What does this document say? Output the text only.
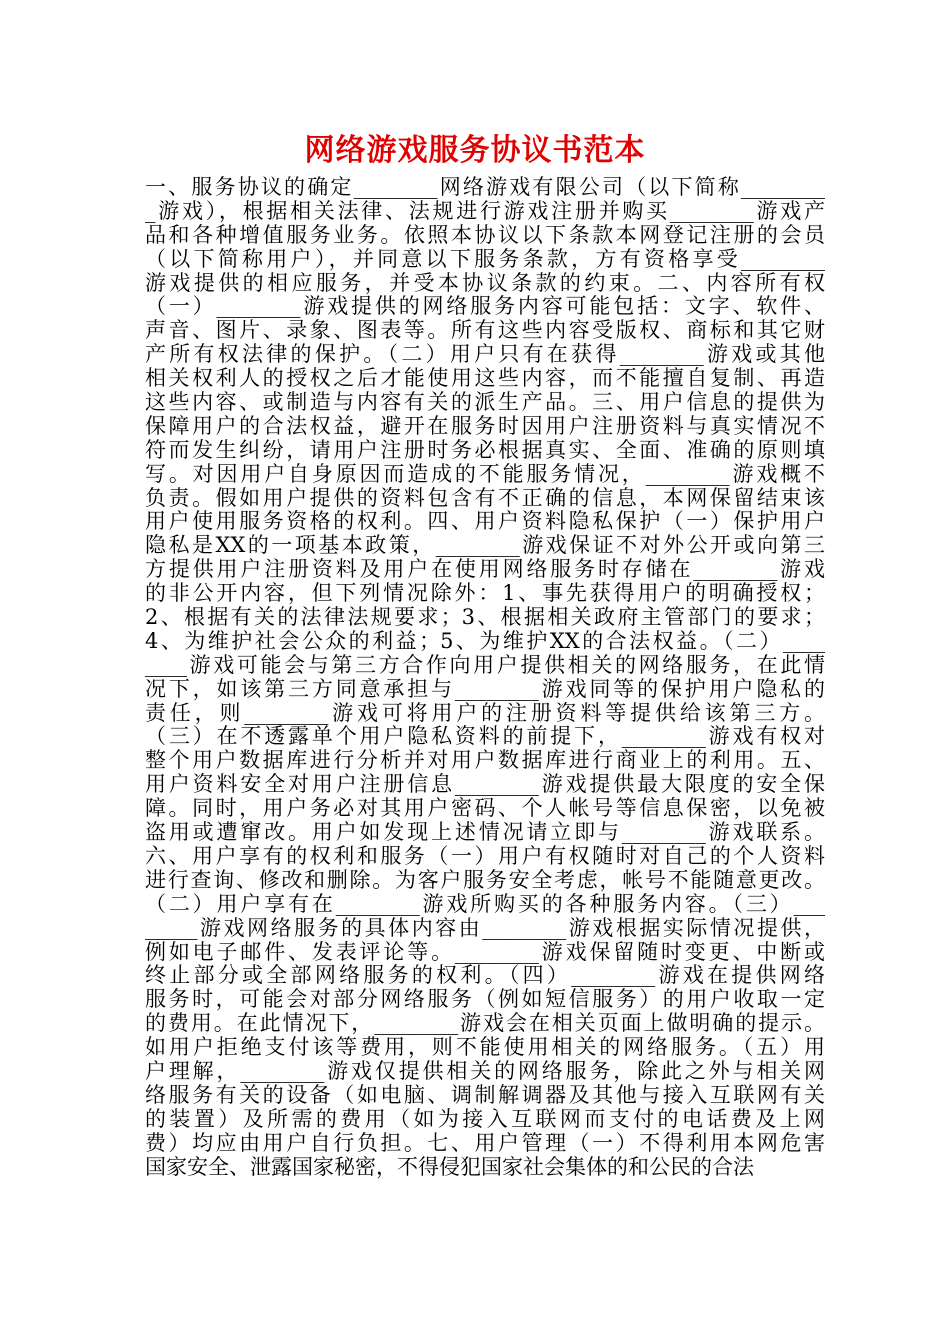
网络游戏服务协议书范本
一、服务协议的确定________网络游戏有限公司（以下简称________
_游戏），根据相关法律、法规进行游戏注册并购买________游戏产
品和各种增值服务业务。依照本协议以下条款本网登记注册的会员
（以下简称用户），并同意以下服务条款，方有资格享受________
游戏提供的相应服务，并受本协议条款的约束。二、内容所有权
（一）________游戏提供的网络服务内容可能包括：文字、软件、
声音、图片、录象、图表等。所有这些内容受版权、商标和其它财
产所有权法律的保护。（二）用户只有在获得________游戏或其他
相关权利人的授权之后才能使用这些内容，而不能擅自复制、再造
这些内容、或制造与内容有关的派生产品。三、用户信息的提供为
保障用户的合法权益，避开在服务时因用户注册资料与真实情况不
符而发生纠纷，请用户注册时务必根据真实、全面、准确的原则填
写。对因用户自身原因而造成的不能服务情况，________游戏概不
负责。假如用户提供的资料包含有不正确的信息，本网保留结束该
用户使用服务资格的权利。四、用户资料隐私保护（一）保护用户
隐私是XX的一项基本政策，________游戏保证不对外公开或向第三
方提供用户注册资料及用户在使用网络服务时存储在________游戏
的非公开内容，但下列情况除外：1、事先获得用户的明确授权；
2、根据有关的法律法规要求；3、根据相关政府主管部门的要求；
4、为维护社会公众的利益；5、为维护XX的合法权益。（二）____
____游戏可能会与第三方合作向用户提供相关的网络服务，在此情
况下，如该第三方同意承担与________游戏同等的保护用户隐私的
责任，则________游戏可将用户的注册资料等提供给该第三方。
（三）在不透露单个用户隐私资料的前提下，________游戏有权对
整个用户数据库进行分析并对用户数据库进行商业上的利用。五、
用户资料安全对用户注册信息________游戏提供最大限度的安全保
障。同时，用户务必对其用户密码、个人帐号等信息保密，以免被
盗用或遭窜改。用户如发现上述情况请立即与________游戏联系。
六、用户享有的权利和服务（一）用户有权随时对自己的个人资料
进行查询、修改和删除。为客户服务安全考虑，帐号不能随意更改。
（二）用户享有在________游戏所购买的各种服务内容。（三）___
_____游戏网络服务的具体内容由________游戏根据实际情况提供，
例如电子邮件、发表评论等。________游戏保留随时变更、中断或
终止部分或全部网络服务的权利。（四）________游戏在提供网络
服务时，可能会对部分网络服务（例如短信服务）的用户收取一定
的费用。在此情况下，________游戏会在相关页面上做明确的提示。
如用户拒绝支付该等费用，则不能使用相关的网络服务。（五）用
户理解，________游戏仅提供相关的网络服务，除此之外与相关网
络服务有关的设备（如电脑、调制解调器及其他与接入互联网有关
的装置）及所需的费用（如为接入互联网而支付的电话费及上网
费）均应由用户自行负担。七、用户管理（一）不得利用本网危害
国家安全、泄露国家秘密，不得侵犯国家社会集体的和公民的合法
